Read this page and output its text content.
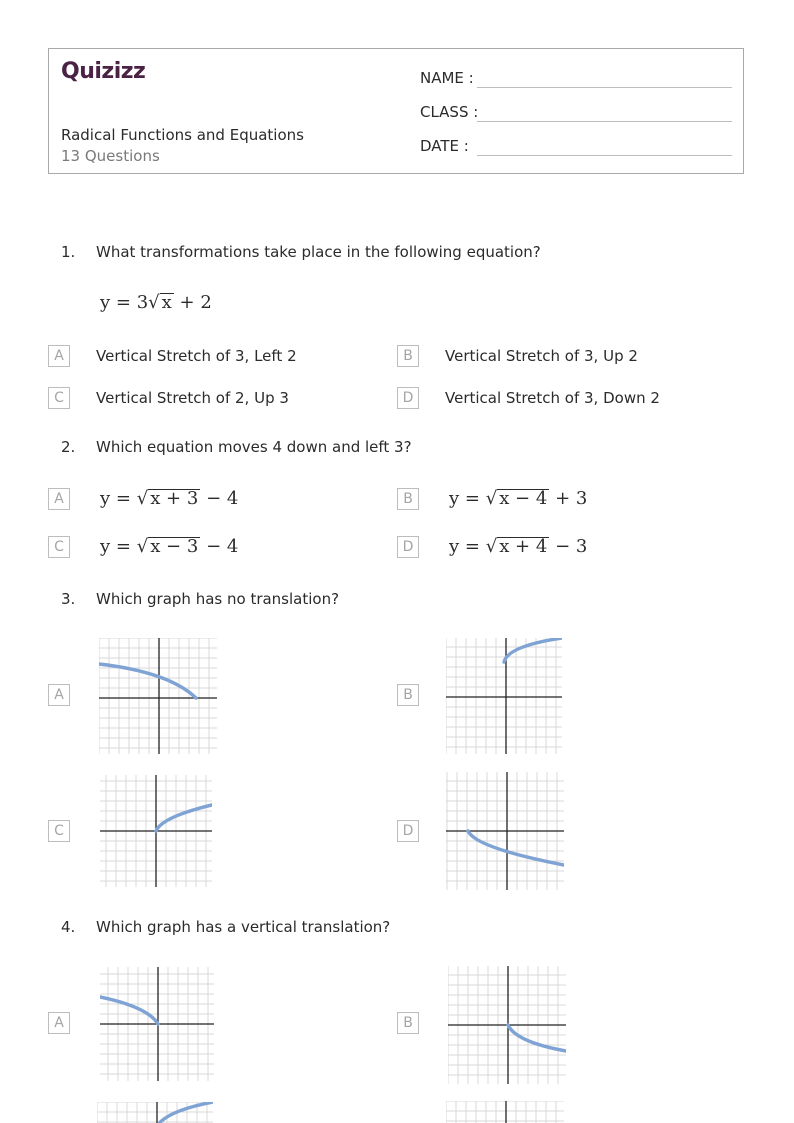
Quizizz
Radical Functions and Equations
13 Questions
NAME :
CLASS :
DATE :
1. What transformations take place in the following equation?
y = 3√ x + 2
A	Vertical Stretch of 3, Left 2	B	Vertical Stretch of 3, Up 2
C	Vertical Stretch of 2, Up 3	D	Vertical Stretch of 3, Down 2
2. Which equation moves 4 down and left 3?
A	y = √ x + 3 − 4	B	y = √ x − 4 + 3
C	y = √ x − 3 − 4	D	y = √ x + 4 − 3
3. Which graph has no translation?
A	B
C	D
4. Which graph has a vertical translation?
A	B
